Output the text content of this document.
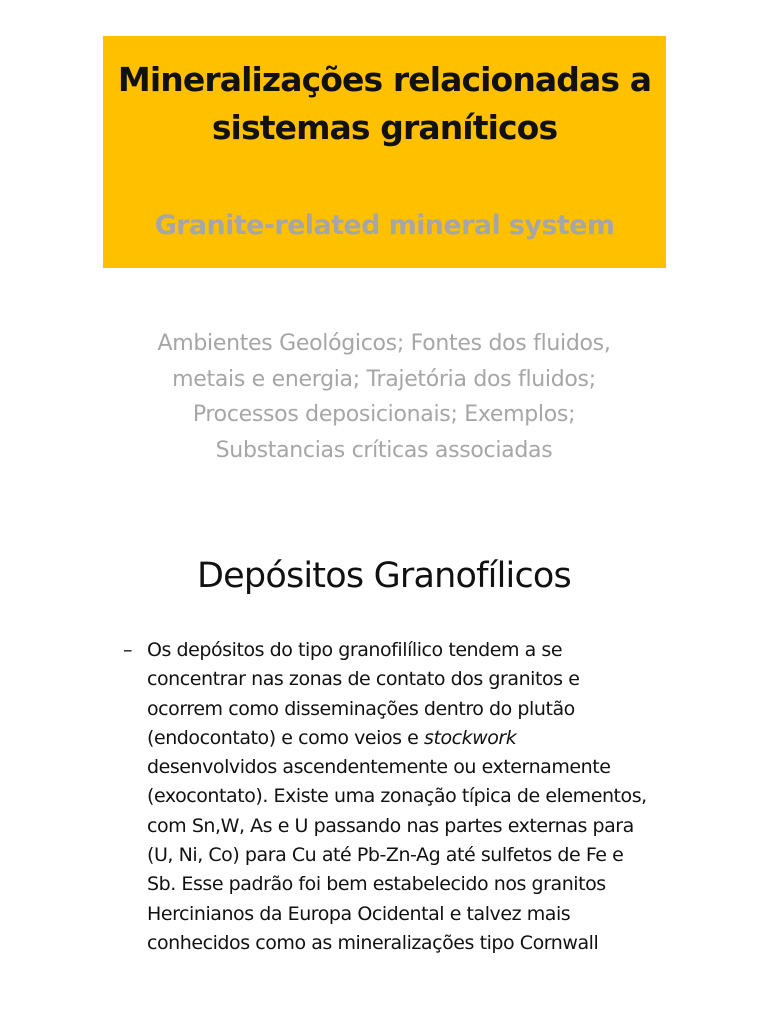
Mineralizações relacionadas a
sistemas graníticos
Granite-related mineral system
Ambientes Geológicos; Fontes dos fluidos,
metais e energia; Trajetória dos fluidos;
Processos deposicionais; Exemplos;
Substancias críticas associadas
Depósitos Granofílicos
– Os depósitos do tipo granofilílico tendem a se
concentrar nas zonas de contato dos granitos e
ocorrem como disseminações dentro do plutão
(endocontato) e como veios e stockwork
desenvolvidos ascendentemente ou externamente
(exocontato). Existe uma zonação típica de elementos,
com Sn,W, As e U passando nas partes externas para
(U, Ni, Co) para Cu até Pb-Zn-Ag até sulfetos de Fe e
Sb. Esse padrão foi bem estabelecido nos granitos
Hercinianos da Europa Ocidental e talvez mais
conhecidos como as mineralizações tipo Cornwall
